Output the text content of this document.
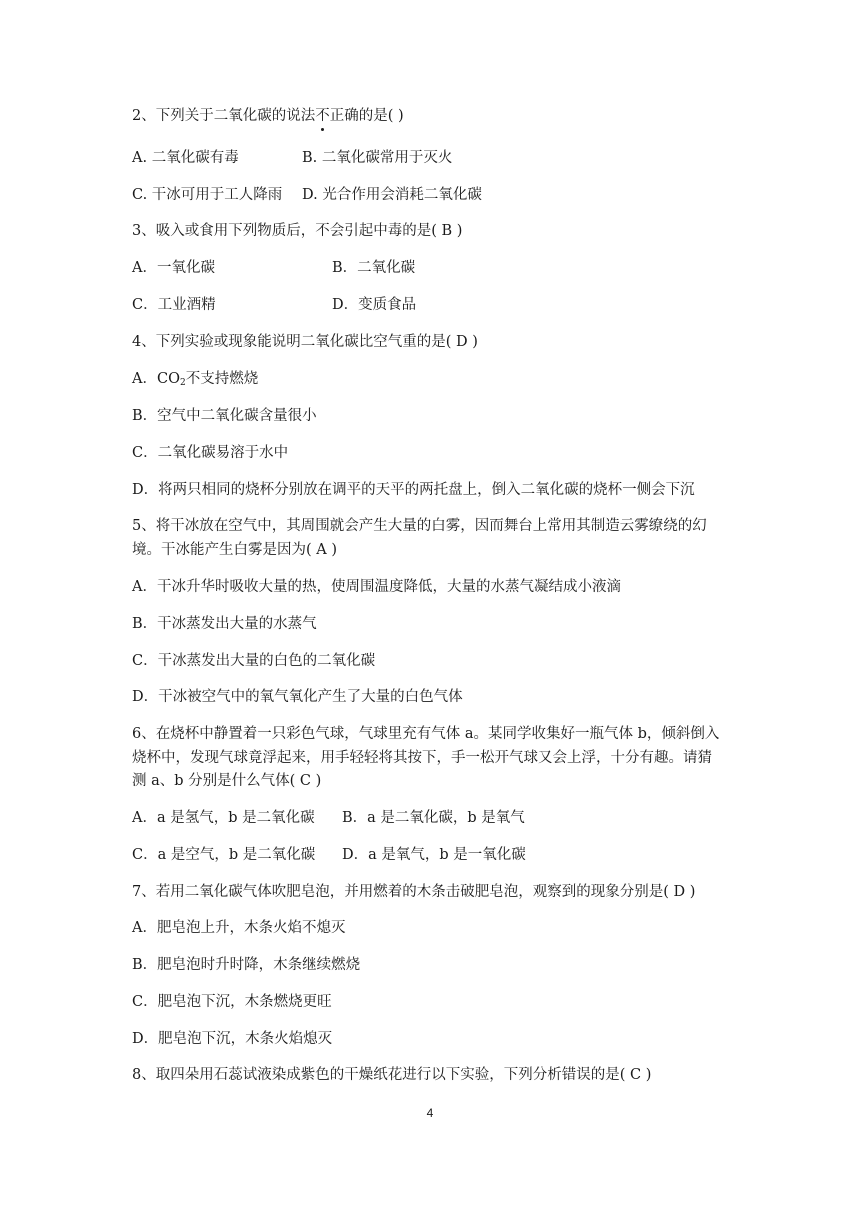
2、下列关于二氧化碳的说法不正确的是( )
A. 二氧化碳有毒	B. 二氧化碳常用于灭火
C. 干冰可用于工人降雨 D. 光合作用会消耗二氧化碳
3、吸入或食用下列物质后，不会引起中毒的是( B )
A．一氧化碳	B．二氧化碳
C．工业酒精	D．变质食品
4、下列实验或现象能说明二氧化碳比空气重的是( D )
A．$CO_2$不支持燃烧
B．空气中二氧化碳含量很小
C．二氧化碳易溶于水中
D．将两只相同的烧杯分别放在调平的天平的两托盘上，倒入二氧化碳的烧杯一侧会下沉
5、将干冰放在空气中，其周围就会产生大量的白雾，因而舞台上常用其制造云雾缭绕的幻
境。干冰能产生白雾是因为( A )
A．干冰升华时吸收大量的热，使周围温度降低，大量的水蒸气凝结成小液滴
B．干冰蒸发出大量的水蒸气
C．干冰蒸发出大量的白色的二氧化碳
D．干冰被空气中的氧气氧化产生了大量的白色气体
6、在烧杯中静置着一只彩色气球，气球里充有气体 a。某同学收集好一瓶气体 b，倾斜倒入
烧杯中，发现气球竟浮起来，用手轻轻将其按下，手一松开气球又会上浮，十分有趣。请猜
测 a、b 分别是什么气体( C )
A．a 是氢气，b 是二氧化碳 B．a 是二氧化碳，b 是氧气
C．a 是空气，b 是二氧化碳 D．a 是氧气，b 是一氧化碳
7、若用二氧化碳气体吹肥皂泡，并用燃着的木条击破肥皂泡，观察到的现象分别是( D )
A．肥皂泡上升，木条火焰不熄灭
B．肥皂泡时升时降，木条继续燃烧
C．肥皂泡下沉，木条燃烧更旺
D．肥皂泡下沉，木条火焰熄灭
8、取四朵用石蕊试液染成紫色的干燥纸花进行以下实验，下列分析错误的是( C )
4
